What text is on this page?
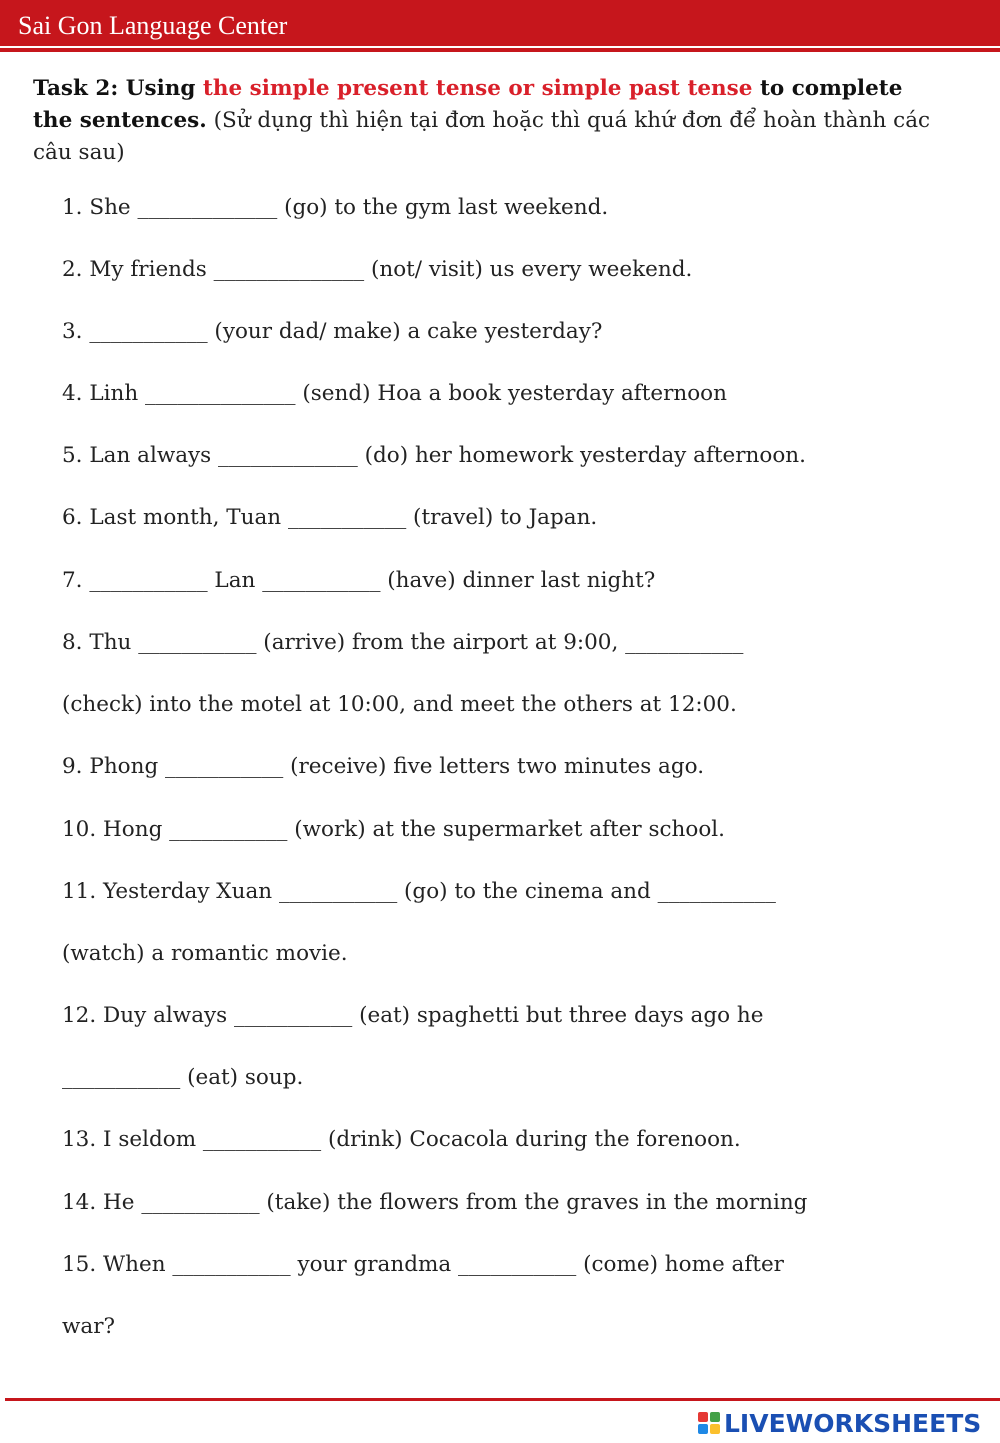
Sai Gon Language Center
Task 2: Using the simple present tense or simple past tense to complete the sentences. (Sử dụng thì hiện tại đơn hoặc thì quá khứ đơn để hoàn thành các câu sau)
1. She _____________ (go) to the gym last weekend.
2. My friends ______________ (not/ visit) us every weekend.
3. ___________ (your dad/ make) a cake yesterday?
4. Linh ______________ (send) Hoa a book yesterday afternoon
5. Lan always _____________ (do) her homework yesterday afternoon.
6. Last month, Tuan ___________ (travel) to Japan.
7. ___________ Lan ___________ (have) dinner last night?
8. Thu ___________ (arrive) from the airport at 9:00, ___________
(check) into the motel at 10:00, and meet the others at 12:00.
9. Phong ___________ (receive) five letters two minutes ago.
10. Hong ___________ (work) at the supermarket after school.
11. Yesterday Xuan ___________ (go) to the cinema and ___________
(watch) a romantic movie.
12. Duy always ___________ (eat) spaghetti but three days ago he
___________ (eat) soup.
13. I seldom ___________ (drink) Cocacola during the forenoon.
14. He ___________ (take) the flowers from the graves in the morning
15. When ___________ your grandma ___________ (come) home after
war?
LIVEWORKSHEETS
